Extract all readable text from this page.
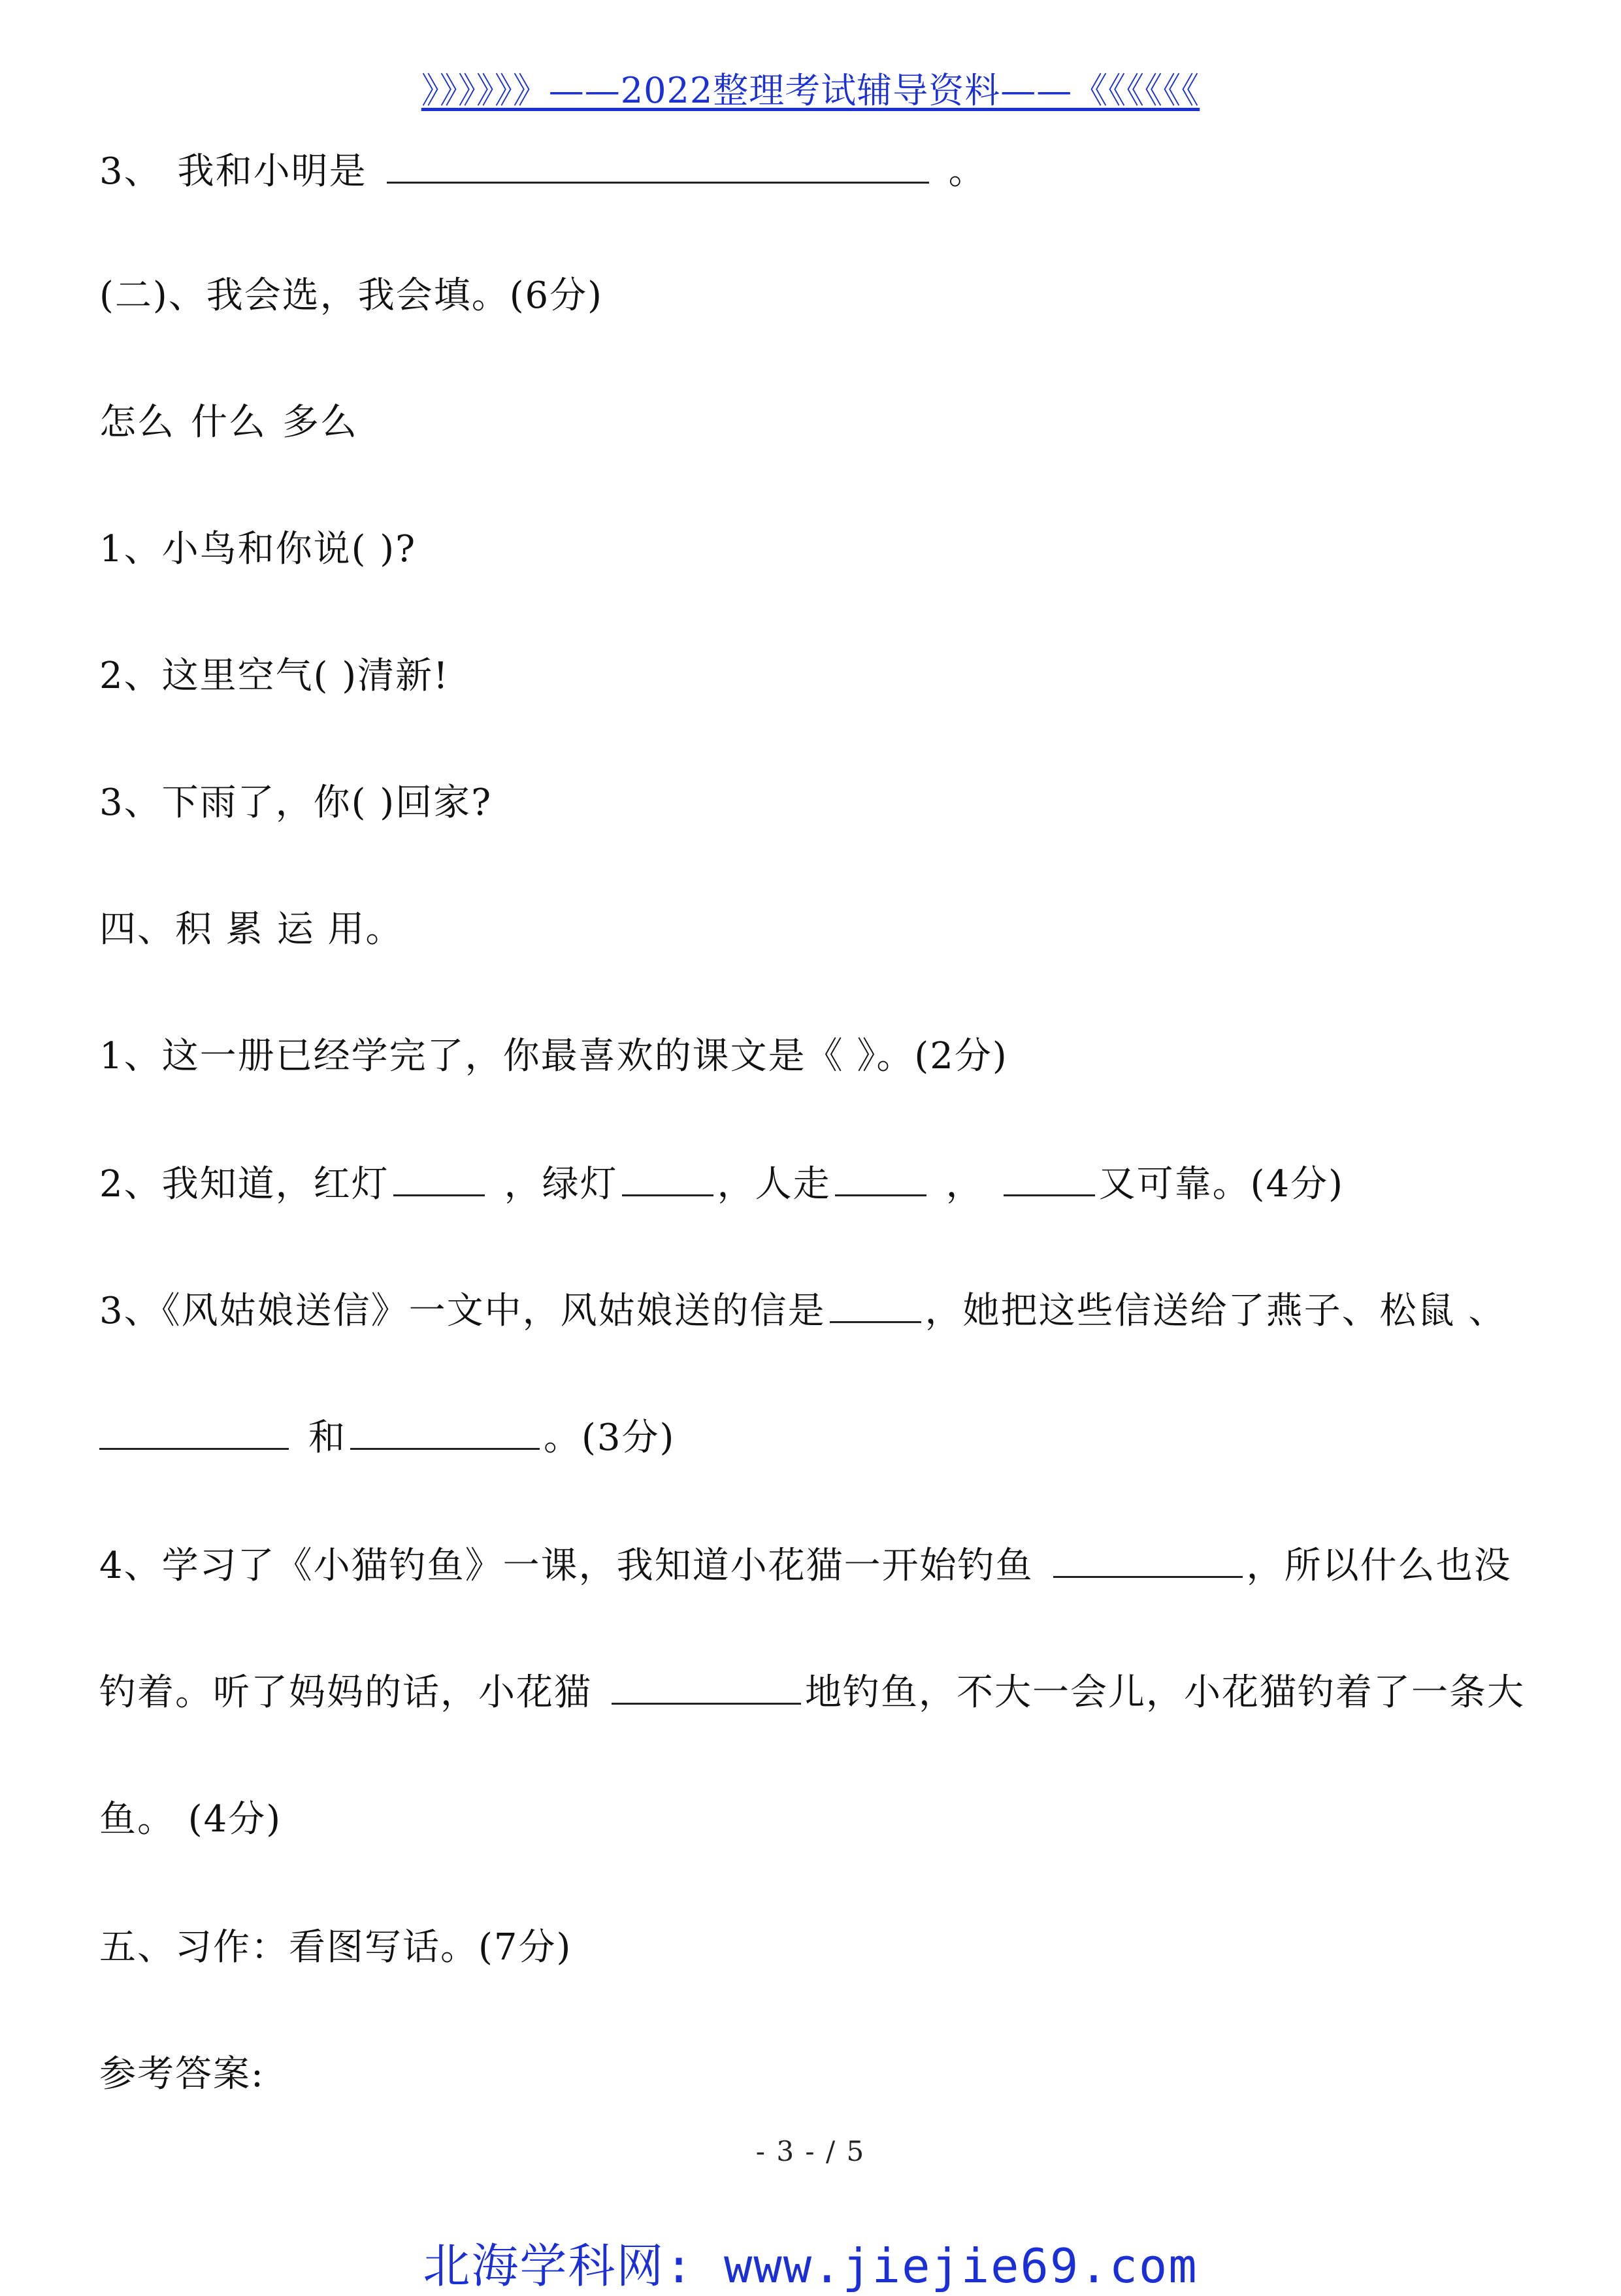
》》》》》》——2022整理考试辅导资料——《《《《《《
3、 我和小明是	。
(二)、我会选，我会填。(6分)
怎么 什么 多么
1、小鸟和你说( )?
2、这里空气( )清新!
3、下雨了，你( )回家?
四、积 累 运 用。
1、这一册已经学完了，你最喜欢的课文是《 》。(2分)
2、我知道，红灯	，绿灯	，人走	，	又可靠。(4分)
3、《风姑娘送信》一文中，风姑娘送的信是	，她把这些信送给了燕子、松鼠 、
和	。(3分)
4、学习了《小猫钓鱼》一课，我知道小花猫一开始钓鱼	，所以什么也没
钓着。听了妈妈的话，小花猫	地钓鱼，不大一会儿，小花猫钓着了一条大
鱼。 (4分)
五、习作：看图写话。(7分)
参考答案:
- 3 - / 5
北海学科网: www.jiejie69.com
